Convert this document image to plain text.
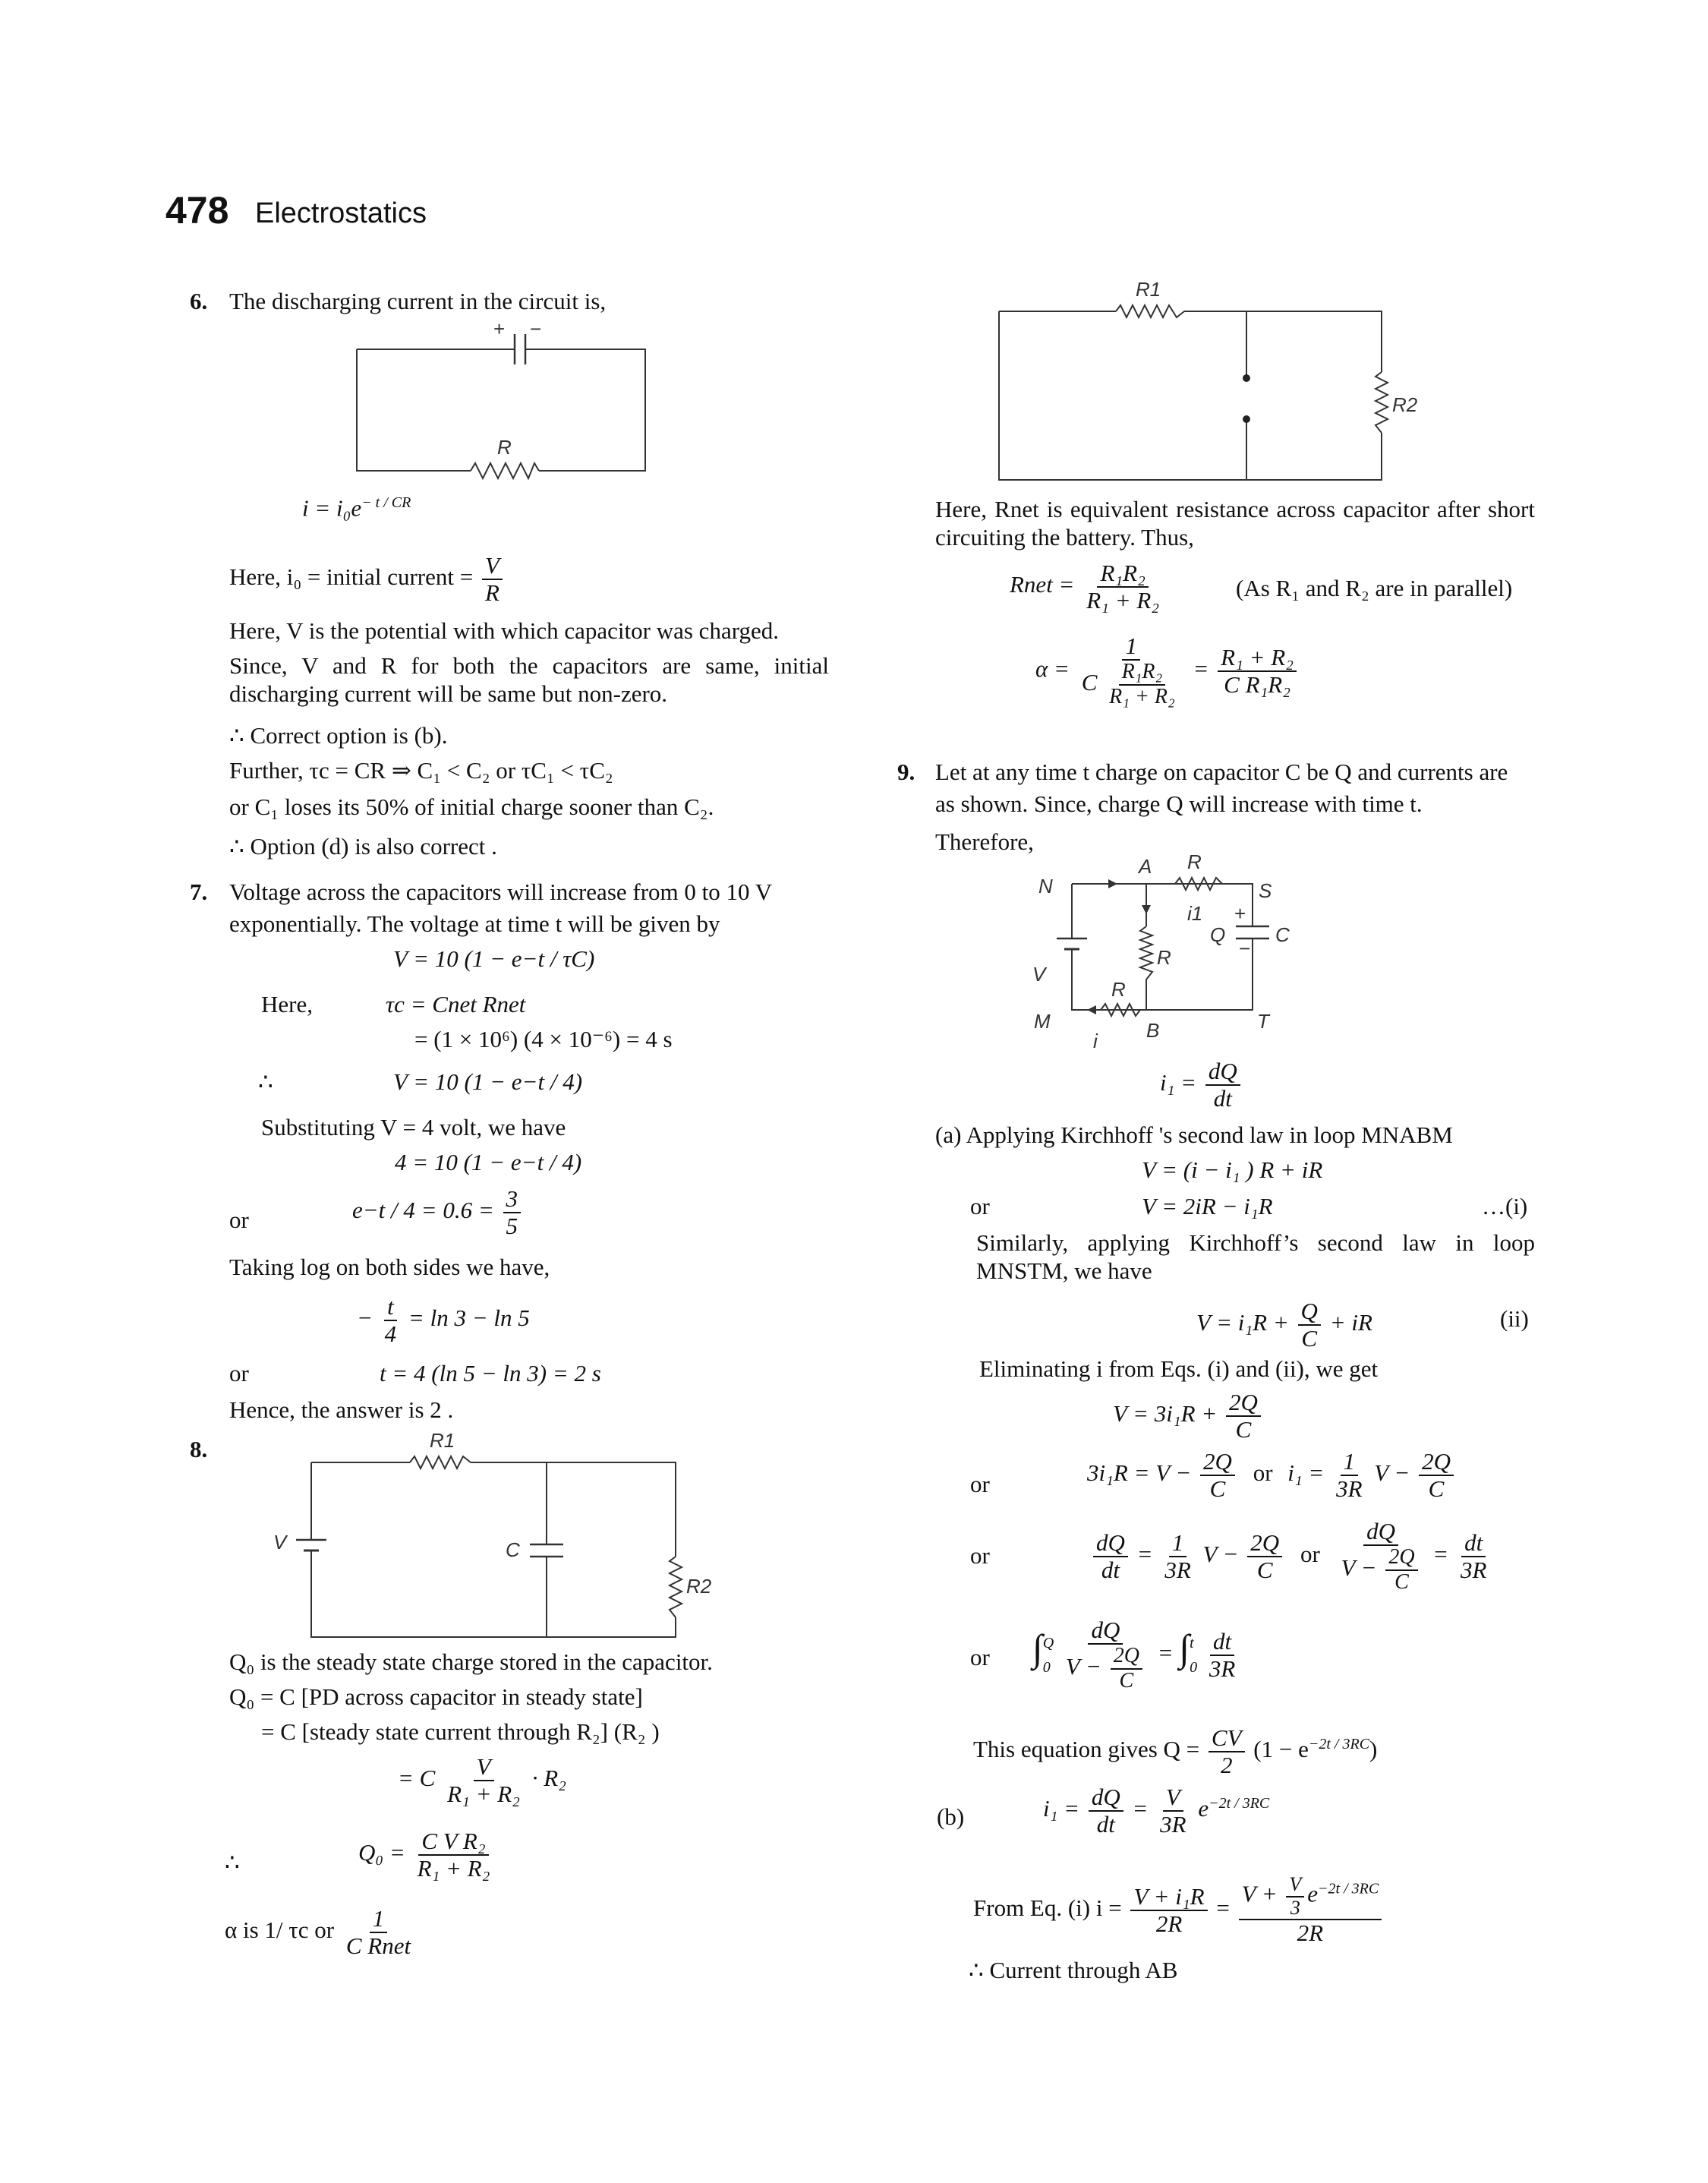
478 Electrostatics
6. The discharging current in the circuit is,
+ −
R
$i = i_0e^{- t / CR}$
Here, i₀ = initial current = $\frac{V}{R}$
Here, V is the potential with which capacitor was charged.
Since, V and R for both the capacitors are same, initial discharging current will be same but non-zero.
∴ Correct option is (b).
Further, τc = CR ⇒ C₁ < C₂ or τC₁ < τC₂
or C₁ loses its 50% of initial charge sooner than C₂.
∴ Option (d) is also correct .
7. Voltage across the capacitors will increase from 0 to 10 V
exponentially. The voltage at time t will be given by
V = 10 (1 − e−t / τC)
Here,	τc = Cnet Rnet
= (1 × 10⁶) (4 × 10⁻⁶) = 4 s
∴	V = 10 (1 − e−t / 4)
Substituting V = 4 volt, we have
4 = 10 (1 − e−t / 4)
or	$e-t / 4 = 0.6 = \frac{3}{5}$
Taking log on both sides we have,
− $\frac{t}{4} = \ln 3 - \ln 5$
or	t = 4 (ln 5 − ln 3) = 2 s
Hence, the answer is 2 .
8.	R1
R2
C
V
Q₀ is the steady state charge stored in the capacitor.
Q₀ = C [PD across capacitor in steady state]
= C [steady state current through R₂] (R₂ )
= C $\frac{V}{\text{R₁ + R₂}} \cdot R_2$
∴	$Q_0 = \frac{\text{C V R₂}}{\text{R₁ + R₂}}$
α is 1/ τc or $\frac{1}{\text{C Rnet}}$
R1
R2
Here, Rnet is equivalent resistance across capacitor after short circuiting the battery. Thus,
Rnet = $\frac{\text{R₁R₂}}{\text{R₁ + R₂}}$	(As R₁ and R₂ are in parallel)
$\alpha = \frac{1}{C \frac{\text{R₁R₂}}{\text{R₁ + R₂}}} = \frac{\text{R₁ + R₂}}{\text{C R₁R₂}}$
9. Let at any time t charge on capacitor C be Q and currents are
as shown. Since, charge Q will increase with time t.
Therefore,
N
A R
S
i1 +
−
Q	C
V
R
R
M
i B	T
$i_1 = \frac{dQ}{dt}$
(a) Applying Kirchhoff 's second law in loop MNABM
V = (i − i₁ ) R + iR
or	V = 2iR − i₁R	…(i)
Similarly, applying Kirchhoff’s second law in loop MNSTM, we have
$V = i_1R + \frac{Q}{C}$ + iR	(ii)
Eliminating i from Eqs. (i) and (ii), we get
$V = 3i_1R + \frac{2Q}{C}$
or	$3i_1R = V - \frac{2Q}{C}$ or $i_1 = \frac{1}{3R}$ $V - \frac{2Q}{C}$
or	$\frac{dQ}{dt} = \frac{1}{3R}$ $V - \frac{2Q}{C}$ or $\frac{dQ}{V - \frac{2Q}{C}} = \frac{dt}{3R}$
or ∫ Q
0
$\frac{dQ}{V - \frac{2Q}{C}}$ = ∫ t
0
$\frac{dt}{3R}$
This equation gives $Q = \frac{CV}{2} (1 - e^{-2t / 3RC})$
(b)	$i_1 = \frac{dQ}{dt} = \frac{V}{3R} e^{-2t / 3RC}$
From Eq. (i) $i = \frac{\text{V + i₁R}}{2R} = \frac{V + \frac{V}{3} e^{-2t / 3RC}}{2R}$
∴ Current through AB
